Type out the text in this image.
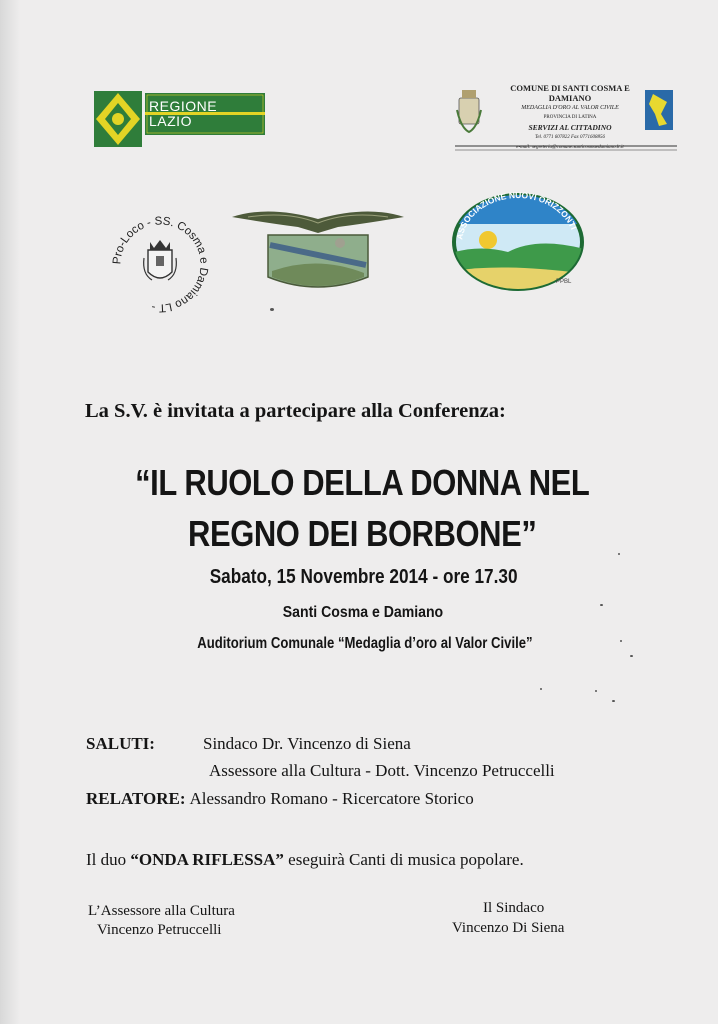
REGIONE
LAZIO
COMUNE DI SANTI COSMA E DAMIANO
MEDAGLIA D'ORO AL VALOR CIVILE
PROVINCIA DI LATINA
SERVIZI AL CITTADINO
Tel. 0771 607822 Fax 0771608856
e-mail: segreteria@comune.santicosmaedamiano.lt.it
Pro-Loco - SS. Cosma e Damiano LT -
ASSOCIAZIONE NUOVI ORIZZONTI
PPBL
La S.V. è invitata a partecipare alla Conferenza:
“IL RUOLO DELLA DONNA NEL
REGNO DEI BORBONE”
Sabato, 15 Novembre 2014 - ore 17.30
Santi Cosma e Damiano
Auditorium Comunale “Medaglia d’oro al Valor Civile”
SALUTI:	Sindaco Dr. Vincenzo di Siena
Assessore alla Cultura - Dott. Vincenzo Petruccelli
RELATORE: Alessandro Romano - Ricercatore Storico
Il duo “ONDA RIFLESSA” eseguirà Canti di musica popolare.
L’Assessore alla Cultura
Vincenzo Petruccelli
Il Sindaco
Vincenzo Di Siena
